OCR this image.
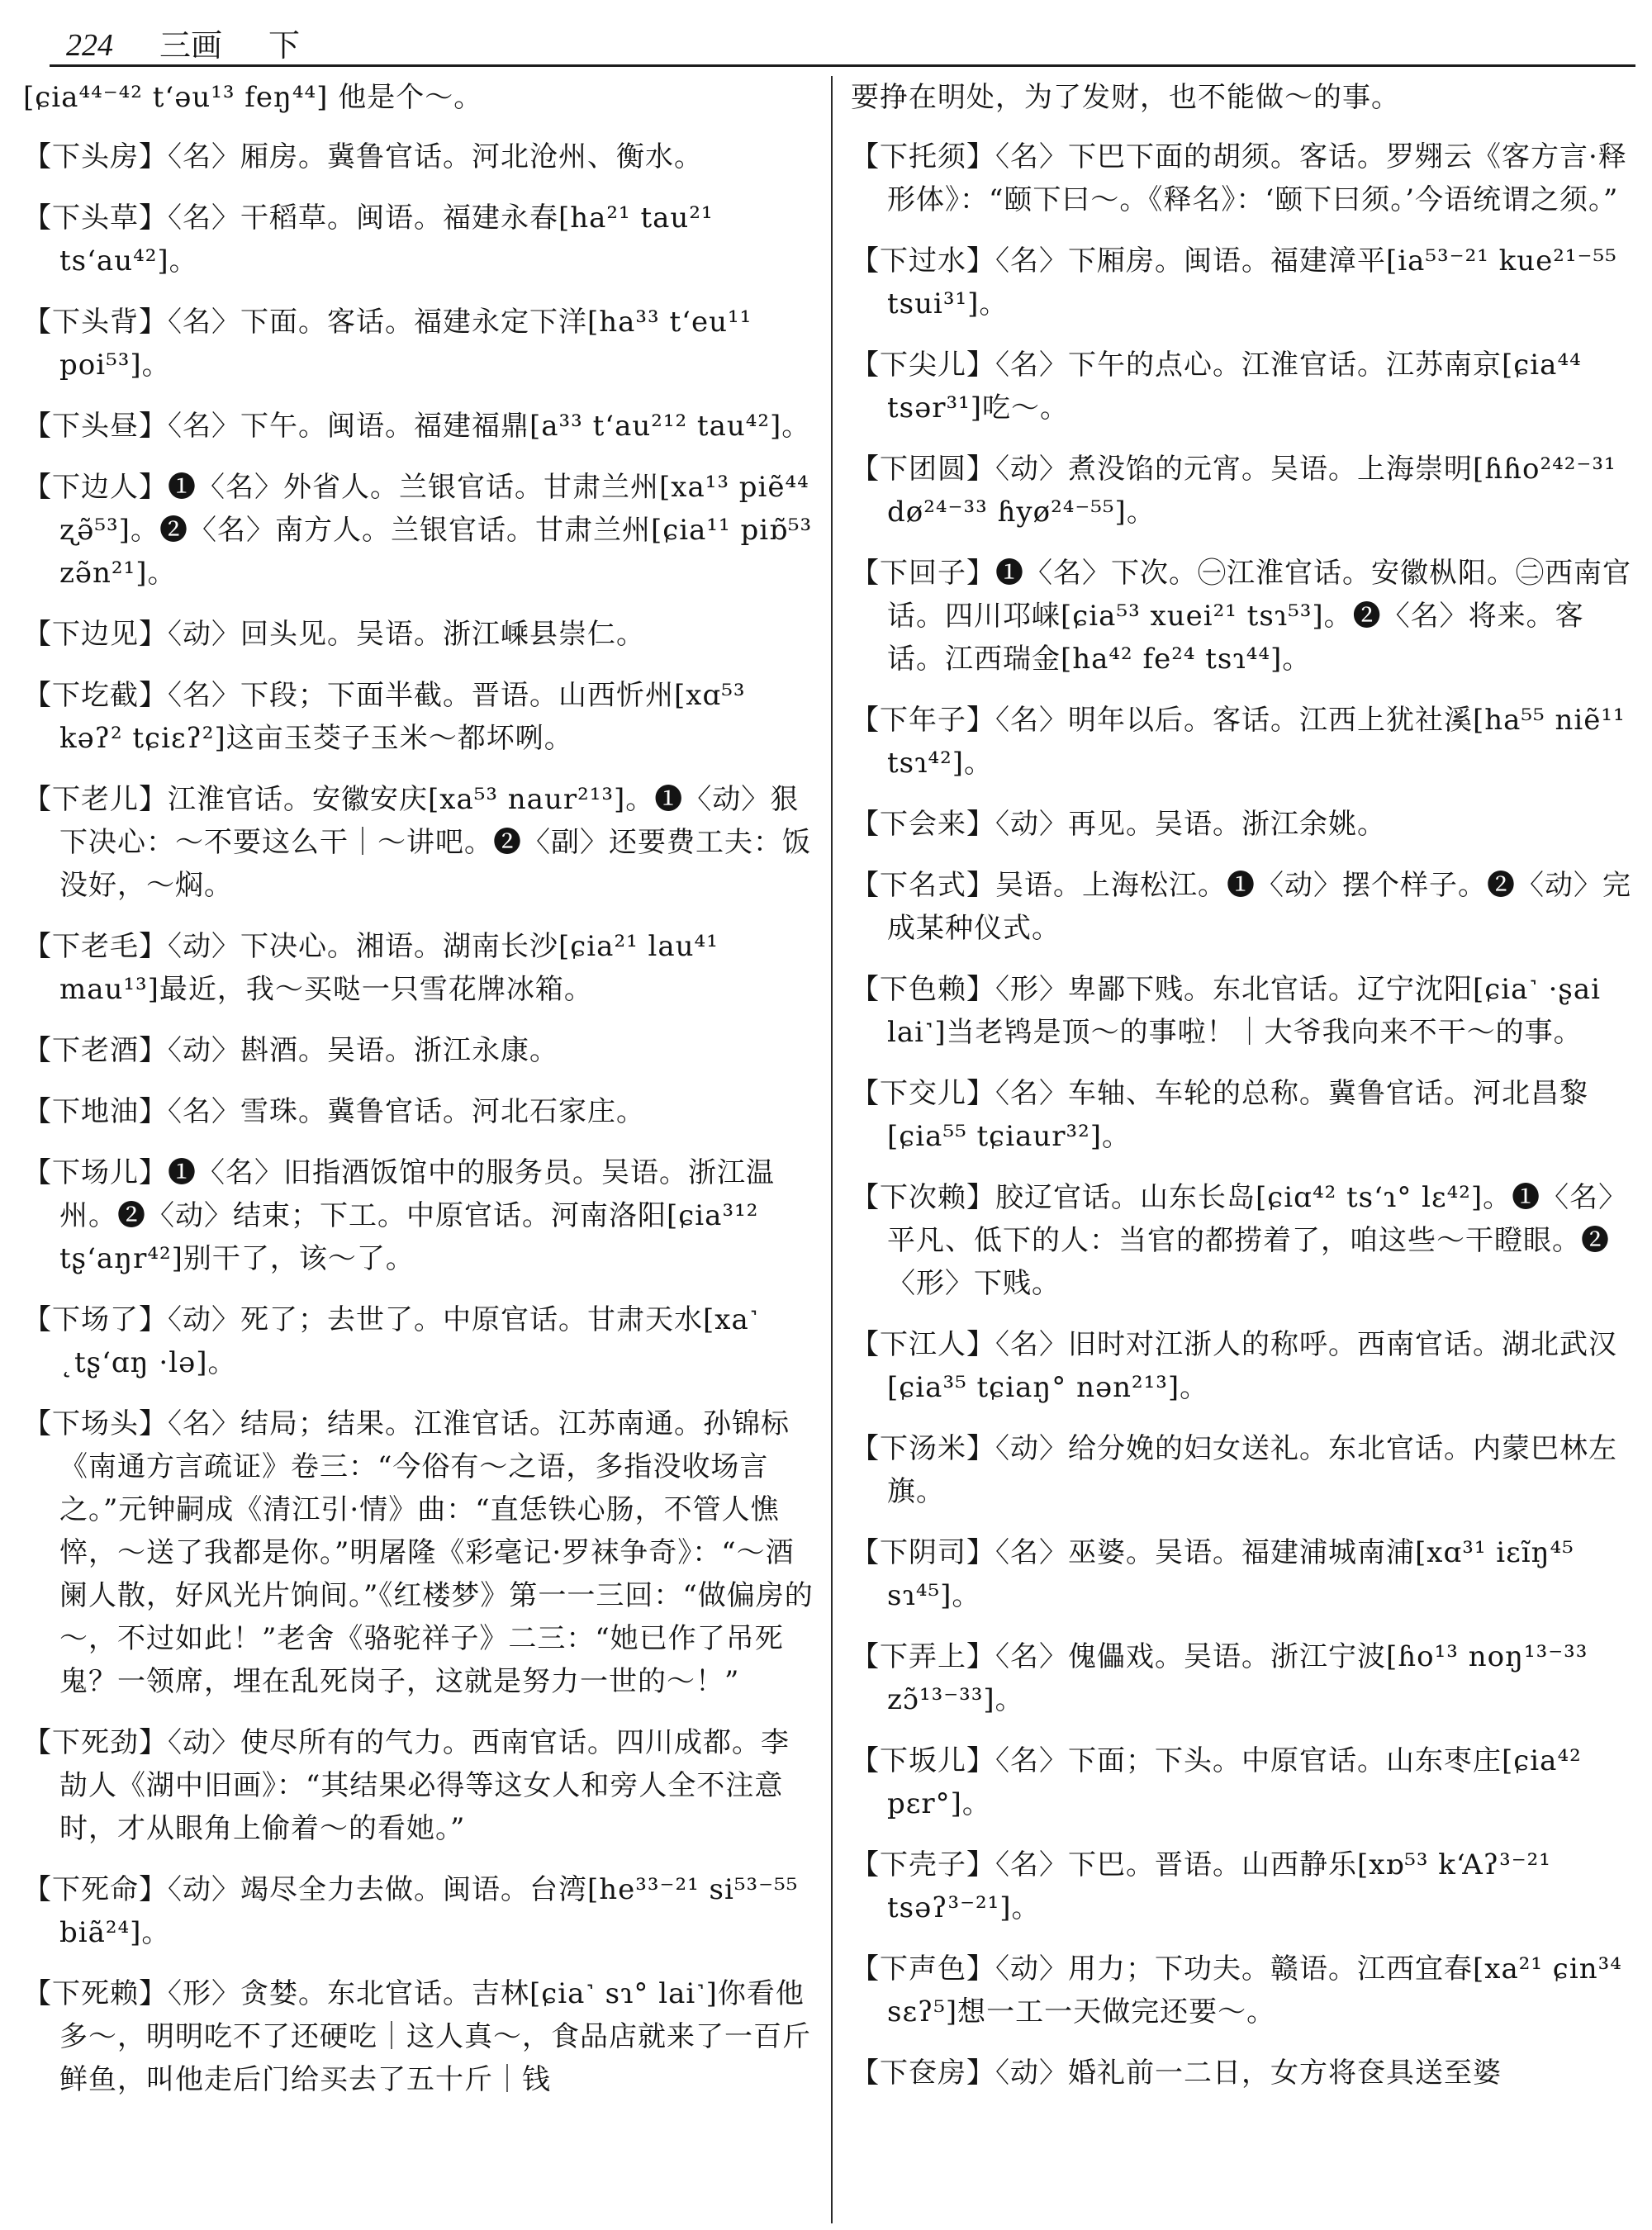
224 三画 下

[ɕia⁴⁴⁻⁴² tʻəu¹³ feŋ⁴⁴] 他是个～。

【下头房】〈名〉厢房。冀鲁官话。河北沧州、衡水。

【下头草】〈名〉干稻草。闽语。福建永春[ha²¹ tau²¹ tsʻau⁴²]。

【下头背】〈名〉下面。客话。福建永定下洋[ha³³ tʻeu¹¹ poi⁵³]。

【下头昼】〈名〉下午。闽语。福建福鼎[a³³ tʻau²¹² tau⁴²]。

【下边人】❶〈名〉外省人。兰银官话。甘肃兰州[xa¹³ piẽ⁴⁴ ʐə̃⁵³]。❷〈名〉南方人。兰银官话。甘肃兰州[ɕia¹¹ piɒ̃⁵³ zə̃n²¹]。

【下边见】〈动〉回头见。吴语。浙江嵊县崇仁。

【下圪截】〈名〉下段；下面半截。晋语。山西忻州[xɑ⁵³ kəʔ² tɕiɛʔ²]这亩玉茭子玉米～都坏咧。

【下老儿】江淮官话。安徽安庆[xa⁵³ naur²¹³]。❶〈动〉狠下决心：～不要这么干｜～讲吧。❷〈副〉还要费工夫：饭没好，～焖。

【下老毛】〈动〉下决心。湘语。湖南长沙[ɕia²¹ lau⁴¹ mau¹³]最近，我～买哒一只雪花牌冰箱。

【下老酒】〈动〉斟酒。吴语。浙江永康。

【下地油】〈名〉雪珠。冀鲁官话。河北石家庄。

【下场儿】❶〈名〉旧指酒饭馆中的服务员。吴语。浙江温州。❷〈动〉结束；下工。中原官话。河南洛阳[ɕia³¹² tʂʻaŋr⁴²]别干了，该～了。

【下场了】〈动〉死了；去世了。中原官话。甘肃天水[xa˺ ˛tʂʻɑŋ ·lə]。

【下场头】〈名〉结局；结果。江淮官话。江苏南通。孙锦标《南通方言疏证》卷三：“今俗有～之语，多指没收场言之。”元钟嗣成《清江引·情》曲：“直恁铁心肠，不管人憔悴，～送了我都是你。”明屠隆《彩毫记·罗袜争奇》：“～酒阑人散，好风光片饷间。”《红楼梦》第一一三回：“做偏房的～，不过如此！”老舍《骆驼祥子》二三：“她已作了吊死鬼？一领席，埋在乱死岗子，这就是努力一世的～！”

【下死劲】〈动〉使尽所有的气力。西南官话。四川成都。李劼人《湖中旧画》：“其结果必得等这女人和旁人全不注意时，才从眼角上偷着～的看她。”

【下死命】〈动〉竭尽全力去做。闽语。台湾[he³³⁻²¹ si⁵³⁻⁵⁵ biã²⁴]。

【下死赖】〈形〉贪婪。东北官话。吉林[ɕia˺ sɿ° lai˺]你看他多～，明明吃不了还硬吃｜这人真～，食品店就来了一百斤鲜鱼，叫他走后门给买去了五十斤｜钱

要挣在明处，为了发财，也不能做～的事。

【下托须】〈名〉下巴下面的胡须。客话。罗翙云《客方言·释形体》：“颐下曰～。《释名》：‘颐下曰须。’今语统谓之须。”

【下过水】〈名〉下厢房。闽语。福建漳平[ia⁵³⁻²¹ kue²¹⁻⁵⁵ tsui³¹]。

【下尖儿】〈名〉下午的点心。江淮官话。江苏南京[ɕia⁴⁴ tsər³¹]吃～。

【下团圆】〈动〉煮没馅的元宵。吴语。上海崇明[ɦɦo²⁴²⁻³¹ dø²⁴⁻³³ ɦyø²⁴⁻⁵⁵]。

【下回子】❶〈名〉下次。㊀江淮官话。安徽枞阳。㊁西南官话。四川邛崃[ɕia⁵³ xuei²¹ tsɿ⁵³]。❷〈名〉将来。客话。江西瑞金[ha⁴² fe²⁴ tsɿ⁴⁴]。

【下年子】〈名〉明年以后。客话。江西上犹社溪[ha⁵⁵ niẽ¹¹ tsɿ⁴²]。

【下会来】〈动〉再见。吴语。浙江余姚。

【下名式】吴语。上海松江。❶〈动〉摆个样子。❷〈动〉完成某种仪式。

【下色赖】〈形〉卑鄙下贱。东北官话。辽宁沈阳[ɕia˺ ·ʂai lai˺]当老鸨是顶～的事啦！｜大爷我向来不干～的事。

【下交儿】〈名〉车轴、车轮的总称。冀鲁官话。河北昌黎[ɕia⁵⁵ tɕiaur³²]。

【下次赖】胶辽官话。山东长岛[ɕiɑ⁴² tsʻɿ° lɛ⁴²]。❶〈名〉平凡、低下的人：当官的都捞着了，咱这些～干瞪眼。❷〈形〉下贱。

【下江人】〈名〉旧时对江浙人的称呼。西南官话。湖北武汉[ɕia³⁵ tɕiaŋ° nən²¹³]。

【下汤米】〈动〉给分娩的妇女送礼。东北官话。内蒙巴林左旗。

【下阴司】〈名〉巫婆。吴语。福建浦城南浦[xɑ³¹ iɛĩŋ⁴⁵ sɿ⁴⁵]。

【下弄上】〈名〉傀儡戏。吴语。浙江宁波[ɦo¹³ noŋ¹³⁻³³ zɔ̃¹³⁻³³]。

【下坂儿】〈名〉下面；下头。中原官话。山东枣庄[ɕia⁴² pɛr°]。

【下壳子】〈名〉下巴。晋语。山西静乐[xɒ⁵³ kʻAʔ³⁻²¹ tsəʔ³⁻²¹]。

【下声色】〈动〉用力；下功夫。赣语。江西宜春[xa²¹ ɕin³⁴ sɛʔ⁵]想一工一天做完还要～。

【下奁房】〈动〉婚礼前一二日，女方将奁具送至婆
